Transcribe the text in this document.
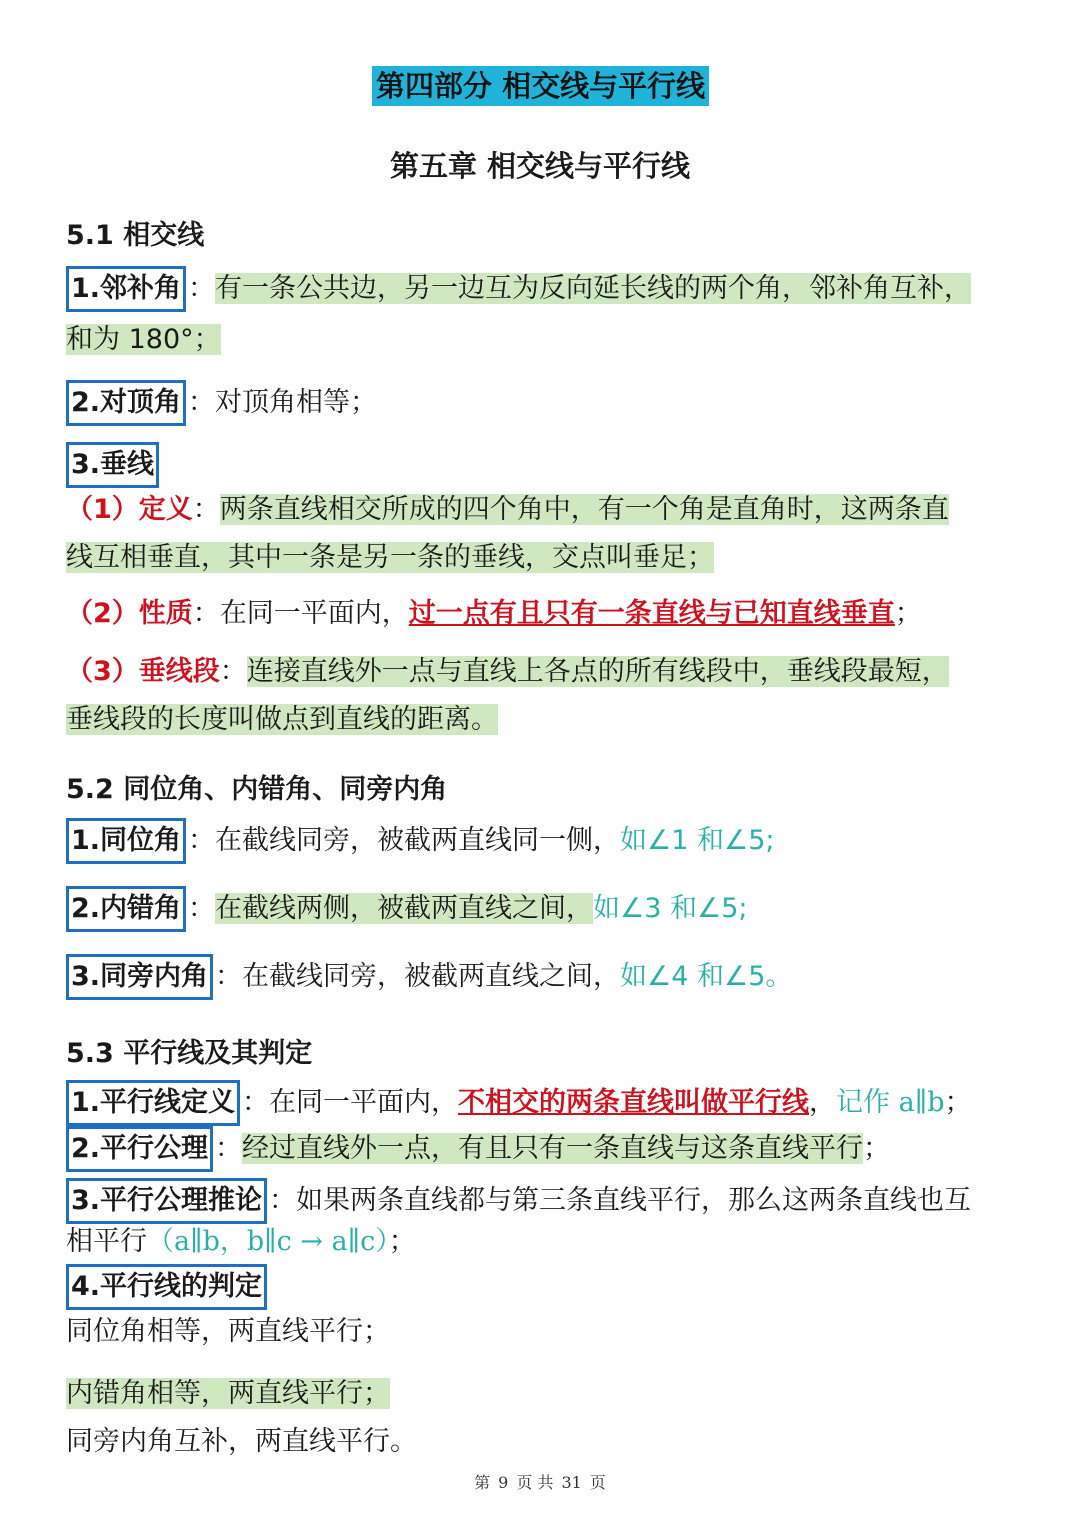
第四部分 相交线与平行线
第五章 相交线与平行线
5.1 相交线
1.邻补角 ：有一条公共边，另一边互为反向延长线的两个角，邻补角互补，
和为 180°；
2.对顶角 ：对顶角相等；
3.垂线
（1）定义：两条直线相交所成的四个角中，有一个角是直角时，这两条直
线互相垂直，其中一条是另一条的垂线，交点叫垂足；
（2）性质：在同一平面内，过一点有且只有一条直线与已知直线垂直；
（3）垂线段：连接直线外一点与直线上各点的所有线段中，垂线段最短，
垂线段的长度叫做点到直线的距离。
5.2 同位角、内错角、同旁内角
1.同位角 ：在截线同旁，被截两直线同一侧，如∠1 和∠5;
2.内错角 ：在截线两侧，被截两直线之间，如∠3 和∠5;
3.同旁内角 ：在截线同旁，被截两直线之间，如∠4 和∠5。
5.3 平行线及其判定
1.平行线定义 ：在同一平面内，不相交的两条直线叫做平行线，记作 a∥b；
2.平行公理 ：经过直线外一点，有且只有一条直线与这条直线平行；
3.平行公理推论 ：如果两条直线都与第三条直线平行，那么这两条直线也互
相平行（a∥b，b∥c → a∥c）；
4.平行线的判定
同位角相等，两直线平行；
内错角相等，两直线平行；
同旁内角互补，两直线平行。
第 9 页 共 31 页
